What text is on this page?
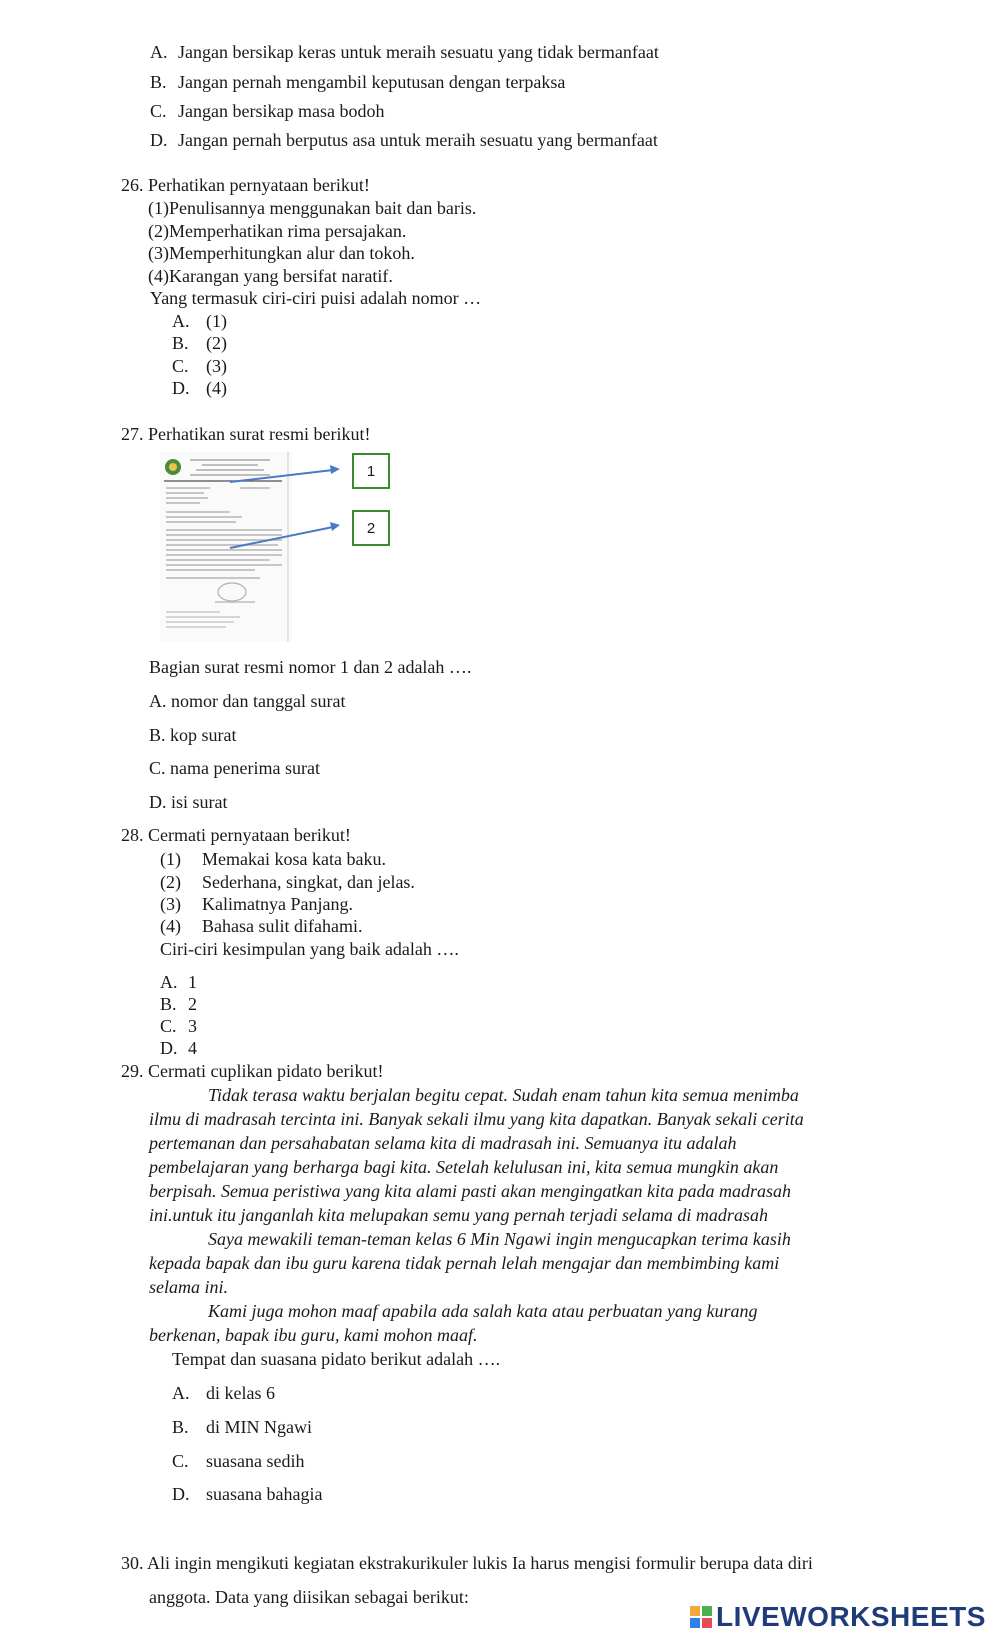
A. Jangan bersikap keras untuk meraih sesuatu yang tidak bermanfaat
B. Jangan pernah mengambil keputusan dengan terpaksa
C. Jangan bersikap masa bodoh
D. Jangan pernah berputus asa untuk meraih sesuatu yang bermanfaat
26. Perhatikan pernyataan berikut!
(1)Penulisannya menggunakan bait dan baris.
(2)Memperhatikan rima persajakan.
(3)Memperhitungkan alur dan tokoh.
(4)Karangan yang bersifat naratif.
Yang termasuk ciri-ciri puisi adalah nomor …
A. (1)
B. (2)
C. (3)
D. (4)
27. Perhatikan surat resmi berikut!
1
2
Bagian surat resmi nomor 1 dan 2 adalah ….
A. nomor dan tanggal surat
B. kop surat
C. nama penerima surat
D. isi surat
28. Cermati pernyataan berikut!
(1) Memakai kosa kata baku.
(2) Sederhana, singkat, dan jelas.
(3) Kalimatnya Panjang.
(4) Bahasa sulit difahami.
Ciri-ciri kesimpulan yang baik adalah ….
A. 1
B. 2
C. 3
D. 4
29. Cermati cuplikan pidato berikut!
Tidak terasa waktu berjalan begitu cepat. Sudah enam tahun kita semua menimba
ilmu di madrasah tercinta ini. Banyak sekali ilmu yang kita dapatkan. Banyak sekali cerita
pertemanan dan persahabatan selama kita di madrasah ini. Semuanya itu adalah
pembelajaran yang berharga bagi kita. Setelah kelulusan ini, kita semua mungkin akan
berpisah. Semua peristiwa yang kita alami pasti akan mengingatkan kita pada madrasah
ini.untuk itu janganlah kita melupakan semu yang pernah terjadi selama di madrasah
Saya mewakili teman-teman kelas 6 Min Ngawi ingin mengucapkan terima kasih
kepada bapak dan ibu guru karena tidak pernah lelah mengajar dan membimbing kami
selama ini.
Kami juga mohon maaf apabila ada salah kata atau perbuatan yang kurang
berkenan, bapak ibu guru, kami mohon maaf.
Tempat dan suasana pidato berikut adalah ….
A. di kelas 6
B. di MIN Ngawi
C. suasana sedih
D. suasana bahagia
30. Ali ingin mengikuti kegiatan ekstrakurikuler lukis Ia harus mengisi formulir berupa data diri
anggota. Data yang diisikan sebagai berikut:
LIVEWORKSHEETS
